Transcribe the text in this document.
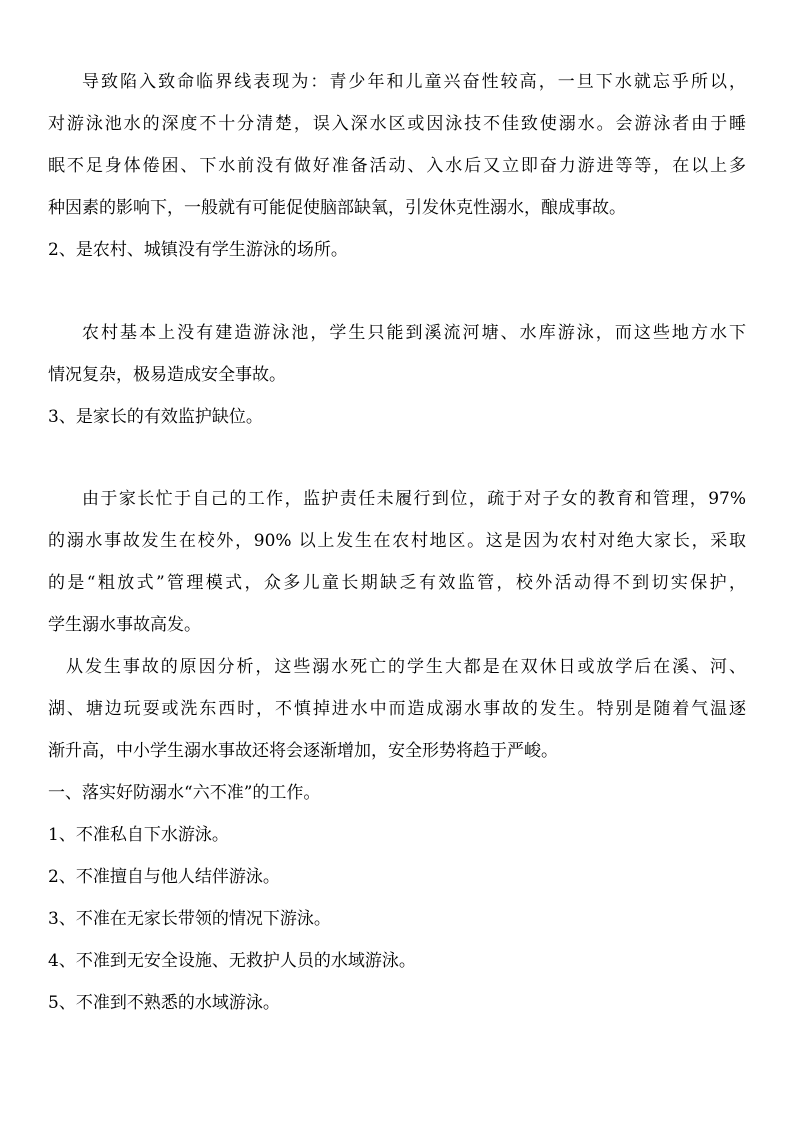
导致陷入致命临界线表现为：青少年和儿童兴奋性较高，一旦下水就忘乎所以，
对游泳池水的深度不十分清楚，误入深水区或因泳技不佳致使溺水。会游泳者由于睡
眠不足身体倦困、下水前没有做好准备活动、入水后又立即奋力游进等等，在以上多
种因素的影响下，一般就有可能促使脑部缺氧，引发休克性溺水，酿成事故。
2、是农村、城镇没有学生游泳的场所。
农村基本上没有建造游泳池，学生只能到溪流河塘、水库游泳，而这些地方水下
情况复杂，极易造成安全事故。
3、是家长的有效监护缺位。
由于家长忙于自己的工作，监护责任未履行到位，疏于对子女的教育和管理，97%
的溺水事故发生在校外，90% 以上发生在农村地区。这是因为农村对绝大家长，采取
的是“粗放式”管理模式，众多儿童长期缺乏有效监管，校外活动得不到切实保护，
学生溺水事故高发。
从发生事故的原因分析，这些溺水死亡的学生大都是在双休日或放学后在溪、河、
湖、塘边玩耍或洗东西时，不慎掉进水中而造成溺水事故的发生。特别是随着气温逐
渐升高，中小学生溺水事故还将会逐渐增加，安全形势将趋于严峻。
一、落实好防溺水“六不准”的工作。
1、不准私自下水游泳。
2、不准擅自与他人结伴游泳。
3、不准在无家长带领的情况下游泳。
4、不准到无安全设施、无救护人员的水域游泳。
5、不准到不熟悉的水域游泳。
